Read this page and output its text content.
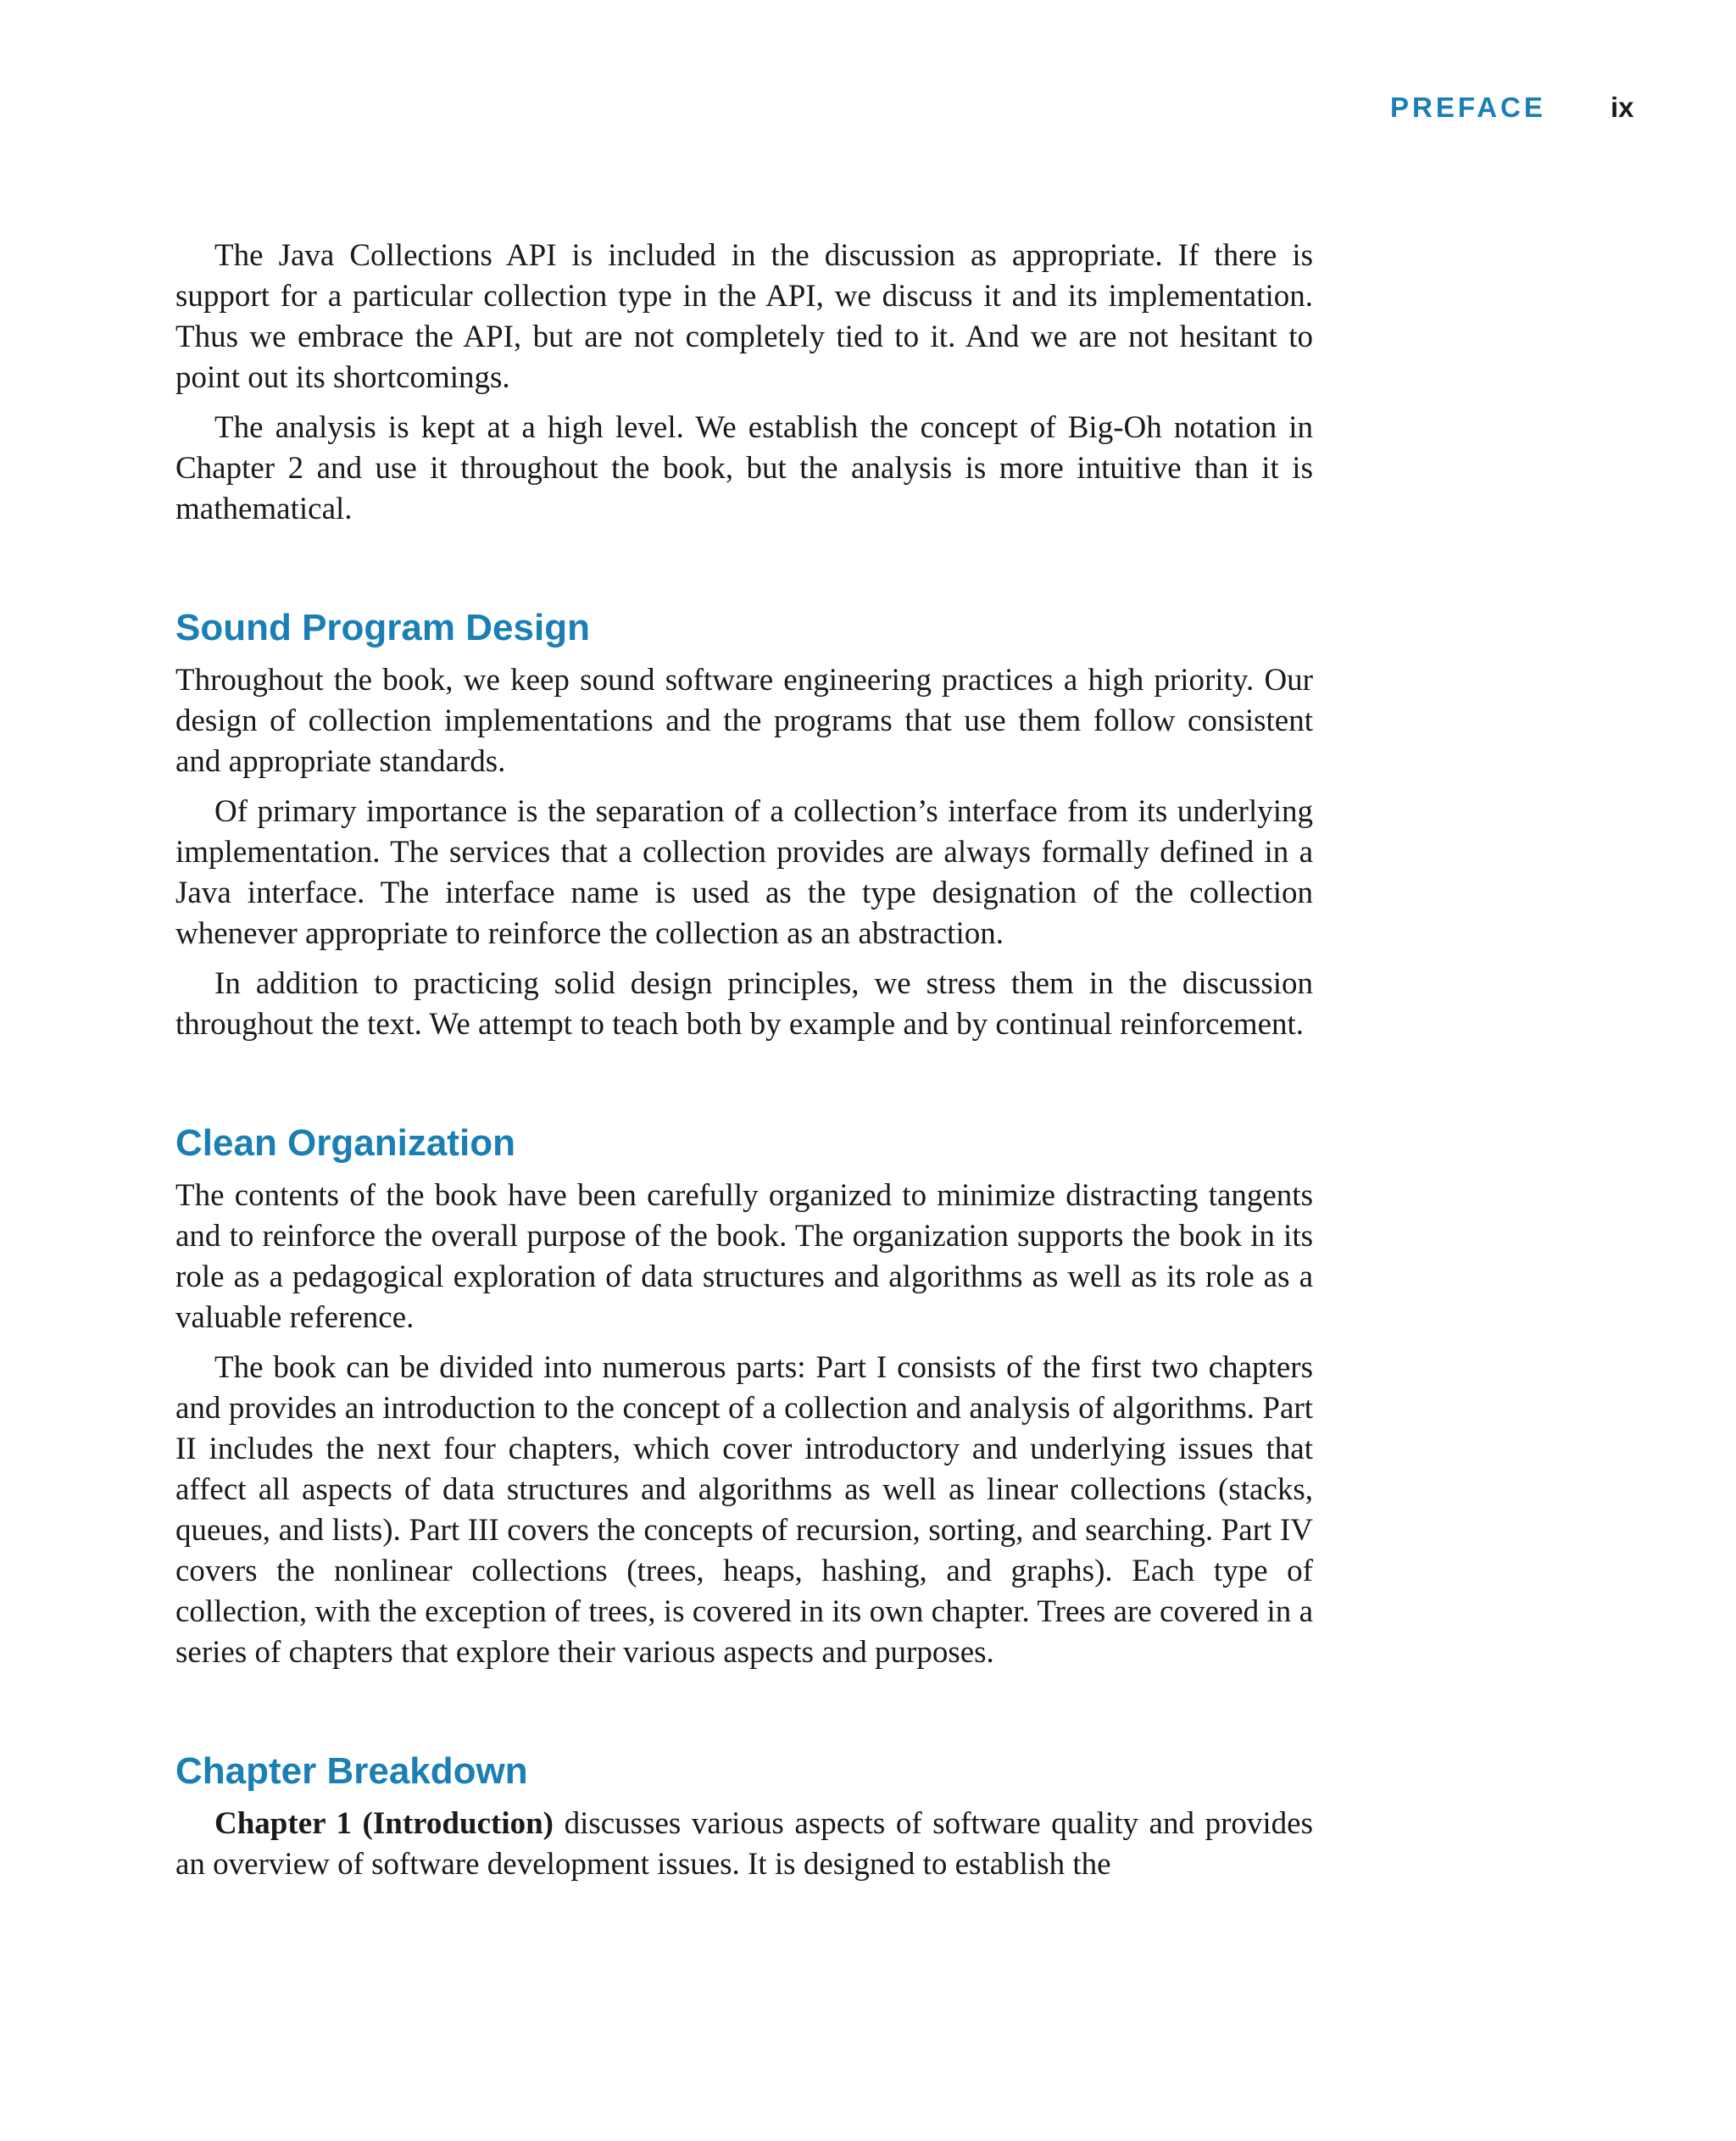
PREFACE ix

The Java Collections API is included in the discussion as appropriate. If there is support for a particular collection type in the API, we discuss it and its implementation. Thus we embrace the API, but are not completely tied to it. And we are not hesitant to point out its shortcomings.

The analysis is kept at a high level. We establish the concept of Big-Oh notation in Chapter 2 and use it throughout the book, but the analysis is more intuitive than it is mathematical.

Sound Program Design

Throughout the book, we keep sound software engineering practices a high priority. Our design of collection implementations and the programs that use them follow consistent and appropriate standards.

Of primary importance is the separation of a collection’s interface from its underlying implementation. The services that a collection provides are always formally defined in a Java interface. The interface name is used as the type designation of the collection whenever appropriate to reinforce the collection as an abstraction.

In addition to practicing solid design principles, we stress them in the discussion throughout the text. We attempt to teach both by example and by continual reinforcement.

Clean Organization

The contents of the book have been carefully organized to minimize distracting tangents and to reinforce the overall purpose of the book. The organization supports the book in its role as a pedagogical exploration of data structures and algorithms as well as its role as a valuable reference.

The book can be divided into numerous parts: Part I consists of the first two chapters and provides an introduction to the concept of a collection and analysis of algorithms. Part II includes the next four chapters, which cover introductory and underlying issues that affect all aspects of data structures and algorithms as well as linear collections (stacks, queues, and lists). Part III covers the concepts of recursion, sorting, and searching. Part IV covers the nonlinear collections (trees, heaps, hashing, and graphs). Each type of collection, with the exception of trees, is covered in its own chapter. Trees are covered in a series of chapters that explore their various aspects and purposes.

Chapter Breakdown

Chapter 1 (Introduction) discusses various aspects of software quality and provides an overview of software development issues. It is designed to establish the
